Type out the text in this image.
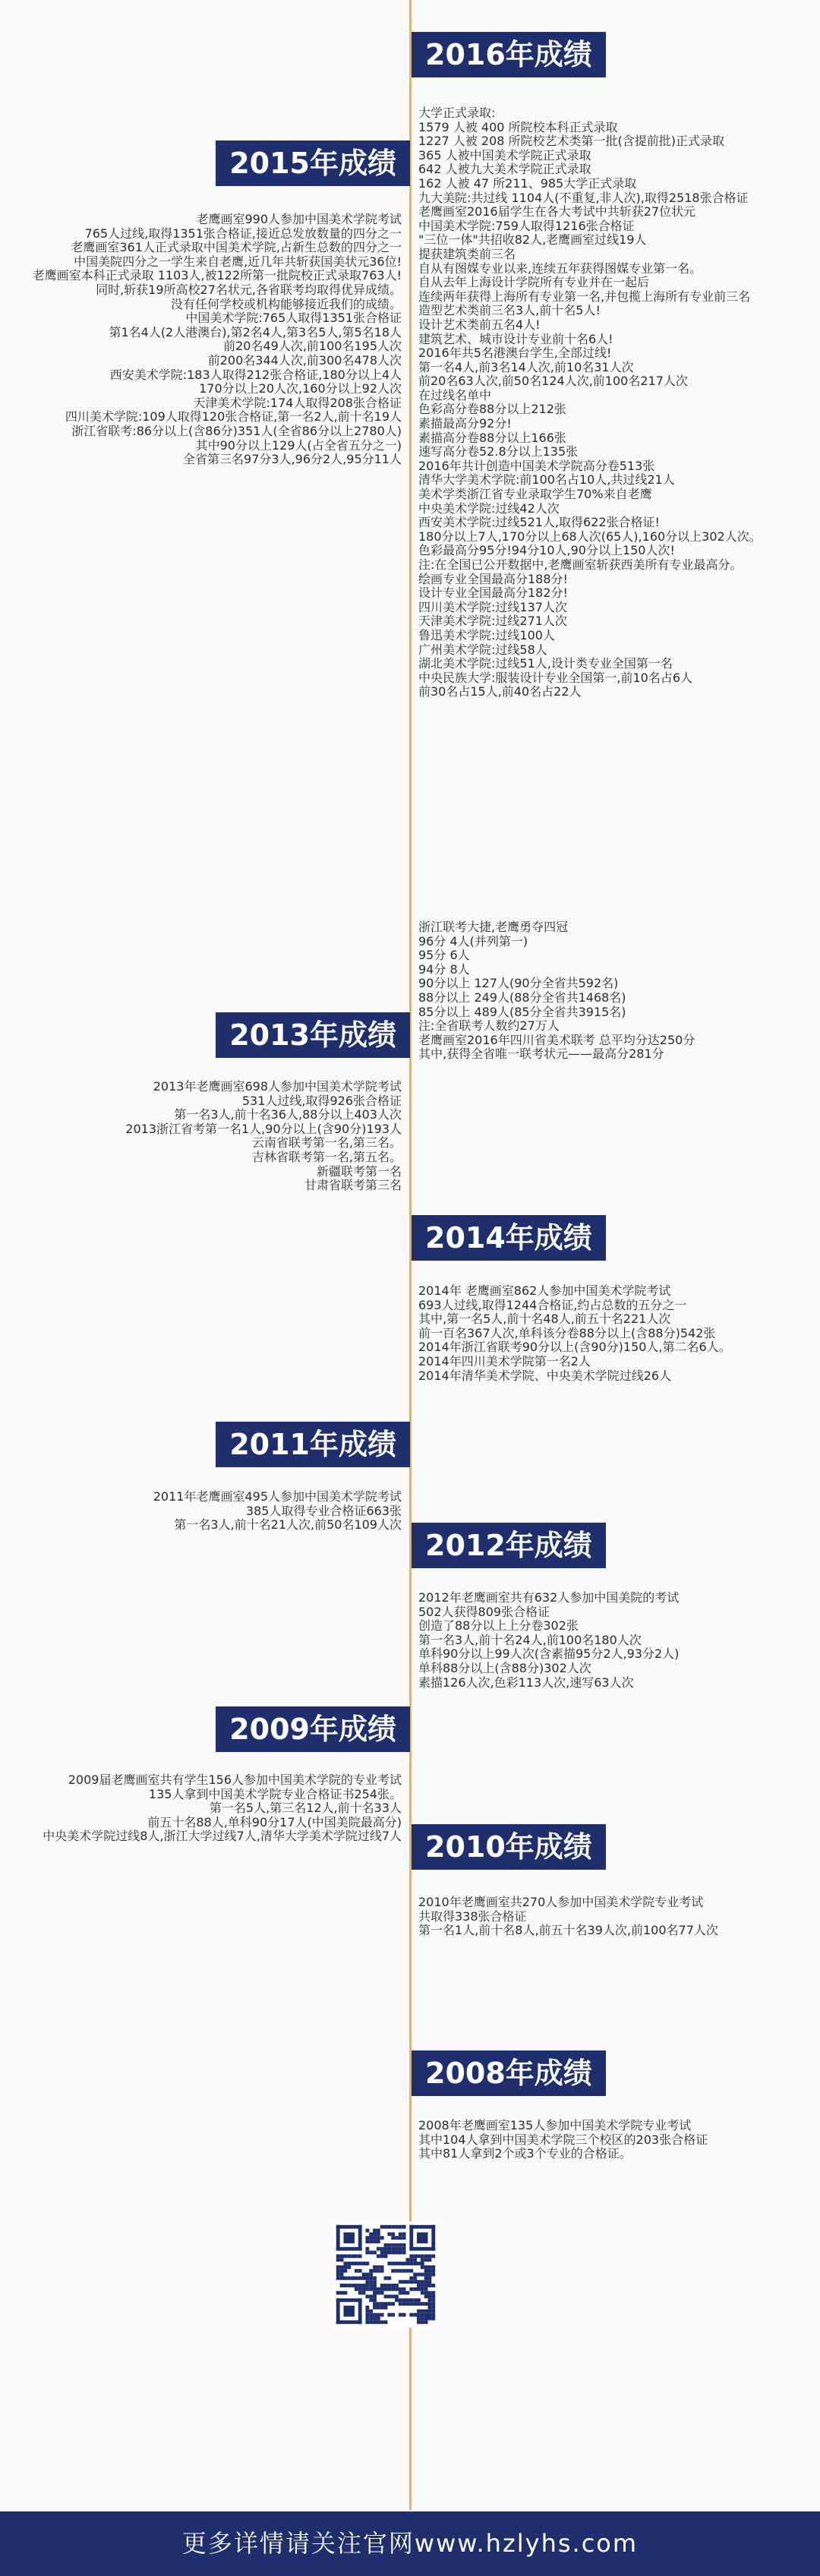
2016年成绩
大学正式录取:
1579 人被 400 所院校本科正式录取
1227 人被 208 所院校艺术类第一批(含提前批)正式录取
365 人被中国美术学院正式录取
642 人被九大美术学院正式录取
162 人被 47 所211、985大学正式录取
九大美院:共过线 1104人(不重复,非人次),取得2518张合格证
老鹰画室2016届学生在各大考试中共斩获27位状元
中国美术学院:759人取得1216张合格证
"三位一体"共招收82人,老鹰画室过线19人
提获建筑类前三名
自从有图媒专业以来,连续五年获得图媒专业第一名。
自从去年上海设计学院所有专业并在一起后
连续两年获得上海所有专业第一名,并包揽上海所有专业前三名
造型艺术类前三名3人,前十名5人!
设计艺术类前五名4人!
建筑艺术、城市设计专业前十名6人!
2016年共5名港澳台学生,全部过线!
第一名4人,前3名14人次,前10名31人次
前20名63人次,前50名124人次,前100名217人次
在过线名单中
色彩高分卷88分以上212张
素描最高分92分!
素描高分卷88分以上166张
速写高分卷52.8分以上135张
2016年共计创造中国美术学院高分卷513张
清华大学美术学院:前100名占10人,共过线21人
美术学类浙江省专业录取学生70%来自老鹰
中央美术学院:过线42人次
西安美术学院:过线521人,取得622张合格证!
180分以上7人,170分以上68人次(65人),160分以上302人次。
色彩最高分95分!94分10人,90分以上150人次!
注:在全国已公开数据中,老鹰画室斩获西美所有专业最高分。
绘画专业全国最高分188分!
设计专业全国最高分182分!
四川美术学院:过线137人次
天津美术学院:过线271人次
鲁迅美术学院:过线100人
广州美术学院:过线58人
湖北美术学院:过线51人,设计类专业全国第一名
中央民族大学:服装设计专业全国第一,前10名占6人
前30名占15人,前40名占22人
浙江联考大捷,老鹰勇夺四冠
96分 4人(并列第一)
95分 6人
94分 8人
90分以上 127人(90分全省共592名)
88分以上 249人(88分全省共1468名)
85分以上 489人(85分全省共3915名)
注:全省联考人数约27万人
老鹰画室2016年四川省美术联考 总平均分达250分
其中,获得全省唯一联考状元——最高分281分
2015年成绩
老鹰画室990人参加中国美术学院考试
765人过线,取得1351张合格证,接近总发放数量的四分之一
老鹰画室361人正式录取中国美术学院,占新生总数的四分之一
中国美院四分之一学生来自老鹰,近几年共斩获国美状元36位!
老鹰画室本科正式录取 1103人,被122所第一批院校正式录取763人!
同时,斩获19所高校27名状元,各省联考均取得优异成绩。
没有任何学校或机构能够接近我们的成绩。
中国美术学院:765人取得1351张合格证
第1名4人(2人港澳台),第2名4人,第3名5人,第5名18人
前20名49人次,前100名195人次
前200名344人次,前300名478人次
西安美术学院:183人取得212张合格证,180分以上4人
170分以上20人次,160分以上92人次
天津美术学院:174人取得208张合格证
四川美术学院:109人取得120张合格证,第一名2人,前十名19人
浙江省联考:86分以上(含86分)351人(全省86分以上2780人)
其中90分以上129人(占全省五分之一)
全省第三名97分3人,96分2人,95分11人
2013年成绩
2013年老鹰画室698人参加中国美术学院考试
531人过线,取得926张合格证
第一名3人,前十名36人,88分以上403人次
2013浙江省考第一名1人,90分以上(含90分)193人
云南省联考第一名,第三名。
吉林省联考第一名,第五名。
新疆联考第一名
甘肃省联考第三名
2014年成绩
2014年 老鹰画室862人参加中国美术学院考试
693人过线,取得1244合格证,约占总数的五分之一
其中,第一名5人,前十名48人,前五十名221人次
前一百名367人次,单科该分卷88分以上(含88分)542张
2014年浙江省联考90分以上(含90分)150人,第二名6人。
2014年四川美术学院第一名2人
2014年清华美术学院、中央美术学院过线26人
2011年成绩
2011年老鹰画室495人参加中国美术学院考试
385人取得专业合格证663张
第一名3人,前十名21人次,前50名109人次
2012年成绩
2012年老鹰画室共有632人参加中国美院的考试
502人获得809张合格证
创造了88分以上上分卷302张
第一名3人,前十名24人,前100名180人次
单科90分以上99人次(含素描95分2人,93分2人)
单科88分以上(含88分)302人次
素描126人次,色彩113人次,速写63人次
2009年成绩
2009届老鹰画室共有学生156人参加中国美术学院的专业考试
135人拿到中国美术学院专业合格证书254张。
第一名5人,第三名12人,前十名33人
前五十名88人,单科90分17人(中国美院最高分)
中央美术学院过线8人,浙江大学过线7人,清华大学美术学院过线7人 2010年成绩
2010年老鹰画室共270人参加中国美术学院专业考试
共取得338张合格证
第一名1人,前十名8人,前五十名39人次,前100名77人次
2008年成绩
2008年老鹰画室135人参加中国美术学院专业考试
其中104人拿到中国美术学院三个校区的203张合格证
其中81人拿到2个或3个专业的合格证。
更多详情请关注官网www.hzlyhs.com
